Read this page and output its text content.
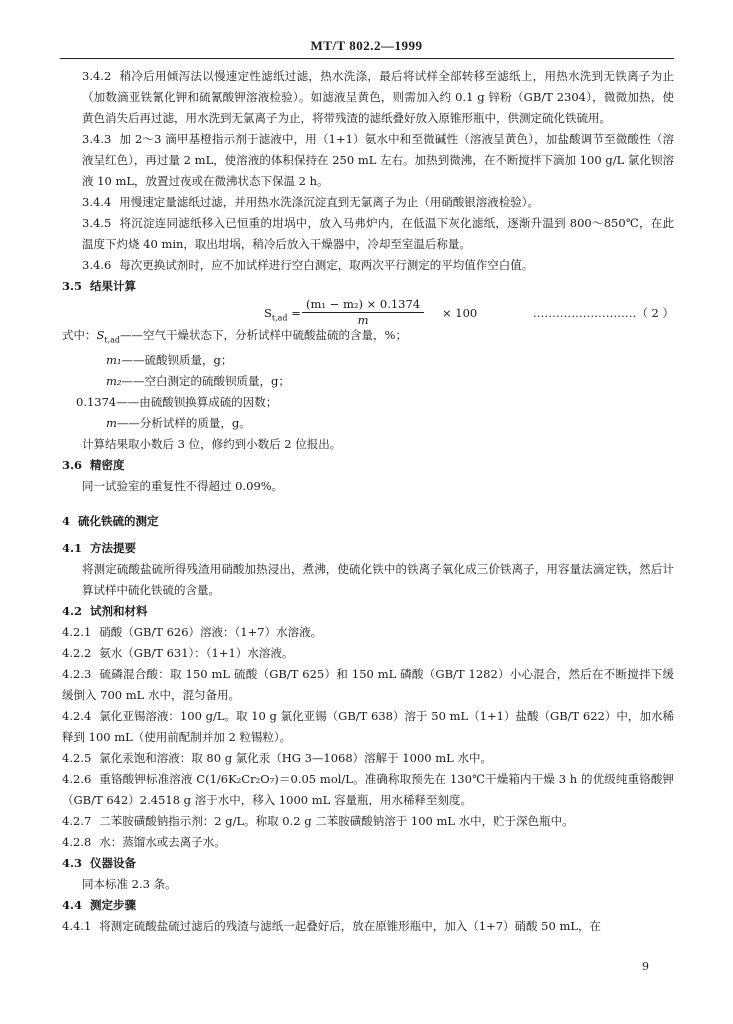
MT/T 802.2—1999

3.4.2 稍冷后用倾泻法以慢速定性滤纸过滤，热水洗涤，最后将试样全部转移至滤纸上，用热水洗到无铁离子为止（加数滴亚铁氰化钾和硫氰酸钾溶液检验）。如滤液呈黄色，则需加入约 0.1 g 锌粉（GB/T 2304），微微加热，使黄色消失后再过滤，用水洗到无氯离子为止，将带残渣的滤纸叠好放入原锥形瓶中，供测定硫化铁硫用。

3.4.3 加 2～3 滴甲基橙指示剂于滤液中，用（1+1）氨水中和至微碱性（溶液呈黄色），加盐酸调节至微酸性（溶液呈红色），再过量 2 mL，使溶液的体积保持在 250 mL 左右。加热到微沸，在不断搅拌下滴加 100 g/L 氯化钡溶液 10 mL，放置过夜或在微沸状态下保温 2 h。

3.4.4 用慢速定量滤纸过滤，并用热水洗涤沉淀直到无氯离子为止（用硝酸银溶液检验）。

3.4.5 将沉淀连同滤纸移入已恒重的坩埚中，放入马弗炉内，在低温下灰化滤纸，逐渐升温到 800～850℃，在此温度下灼烧 40 min，取出坩埚，稍冷后放入干燥器中，冷却至室温后称量。

3.4.6 每次更换试剂时，应不加试样进行空白测定，取两次平行测定的平均值作空白值。

3.5 结果计算

$S_{t,ad} = \frac{\text{(m₁ − m₂) × 0.1374}}{m} \times 100$	………………………（ 2 ）

式中：$S_{t,ad}——$空气干燥状态下，分析试样中硫酸盐硫的含量，%；

m₁——硫酸钡质量，g；

m₂——空白测定的硫酸钡质量，g；

0.1374——由硫酸钡换算成硫的因数；

m——分析试样的质量，g。

计算结果取小数后 3 位，修约到小数后 2 位报出。

3.6 精密度

同一试验室的重复性不得超过 0.09%。

4 硫化铁硫的测定

4.1 方法提要

将测定硫酸盐硫所得残渣用硝酸加热浸出，煮沸，使硫化铁中的铁离子氧化成三价铁离子，用容量法滴定铁，然后计算试样中硫化铁硫的含量。

4.2 试剂和材料

4.2.1 硝酸（GB/T 626）溶液：（1+7）水溶液。

4.2.2 氨水（GB/T 631）：（1+1）水溶液。

4.2.3 硫磷混合酸：取 150 mL 硫酸（GB/T 625）和 150 mL 磷酸（GB/T 1282）小心混合，然后在不断搅拌下缓缓倒入 700 mL 水中，混匀备用。

4.2.4 氯化亚锡溶液：100 g/L。取 10 g 氯化亚锡（GB/T 638）溶于 50 mL（1+1）盐酸（GB/T 622）中，加水稀释到 100 mL（使用前配制并加 2 粒锡粒）。

4.2.5 氯化汞饱和溶液：取 80 g 氯化汞（HG 3—1068）溶解于 1000 mL 水中。

4.2.6 重铬酸钾标准溶液 C(1/6K₂Cr₂O₇)＝0.05 mol/L。准确称取预先在 130℃干燥箱内干燥 3 h 的优级纯重铬酸钾（GB/T 642）2.4518 g 溶于水中，移入 1000 mL 容量瓶，用水稀释至刻度。

4.2.7 二苯胺磺酸钠指示剂：2 g/L。称取 0.2 g 二苯胺磺酸钠溶于 100 mL 水中，贮于深色瓶中。

4.2.8 水：蒸馏水或去离子水。

4.3 仪器设备

同本标准 2.3 条。

4.4 测定步骤

4.4.1 将测定硫酸盐硫过滤后的残渣与滤纸一起叠好后，放在原锥形瓶中，加入（1+7）硝酸 50 mL，在

9
